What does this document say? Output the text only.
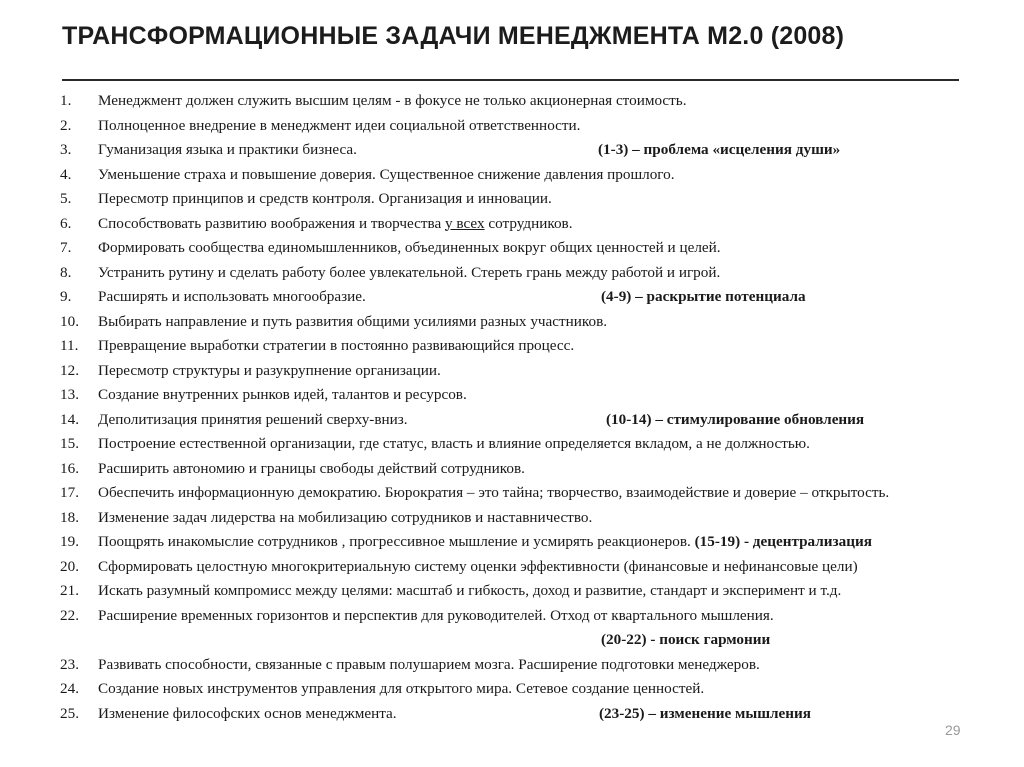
ТРАНСФОРМАЦИОННЫЕ ЗАДАЧИ МЕНЕДЖМЕНТА М2.0 (2008)
1. Менеджмент должен служить высшим целям - в фокусе не только акционерная стоимость.
2. Полноценное внедрение в менеджмент идеи социальной ответственности.
3. Гуманизация языка и практики бизнеса.	(1-3) – проблема «исцеления души»
4. Уменьшение страха и повышение доверия. Существенное снижение давления прошлого.
5. Пересмотр принципов и средств контроля. Организация и инновации.
6. Способствовать развитию воображения и творчества у всех сотрудников.
7. Формировать сообщества единомышленников, объединенных вокруг общих ценностей и целей.
8. Устранить рутину и сделать работу более увлекательной. Стереть грань между работой и игрой.
9. Расширять и использовать многообразие.	(4-9) – раскрытие потенциала
10. Выбирать направление и путь развития общими усилиями разных участников.
11. Превращение выработки стратегии в постоянно развивающийся процесс.
12. Пересмотр структуры и разукрупнение организации.
13. Создание внутренних рынков идей, талантов и ресурсов.
14. Деполитизация принятия решений сверху-вниз.	(10-14) – стимулирование обновления
15. Построение естественной организации, где статус, власть и влияние определяется вкладом, а не должностью.
16. Расширить автономию и границы свободы действий сотрудников.
17. Обеспечить информационную демократию. Бюрократия – это тайна; творчество, взаимодействие и доверие – открытость.
18. Изменение задач лидерства на мобилизацию сотрудников и наставничество.
19. Поощрять инакомыслие сотрудников , прогрессивное мышление и усмирять реакционеров. (15-19) - децентрализация
20. Сформировать целостную многокритериальную систему оценки эффективности (финансовые и нефинансовые цели)
21. Искать разумный компромисс между целями: масштаб и гибкость, доход и развитие, стандарт и эксперимент и т.д.
22. Расширение временных горизонтов и перспектив для руководителей. Отход от квартального мышления.
(20-22) - поиск гармонии
23. Развивать способности, связанные с правым полушарием мозга. Расширение подготовки менеджеров.
24. Создание новых инструментов управления для открытого мира. Сетевое создание ценностей.
25. Изменение философских основ менеджмента.	(23-25) – изменение мышления
29
